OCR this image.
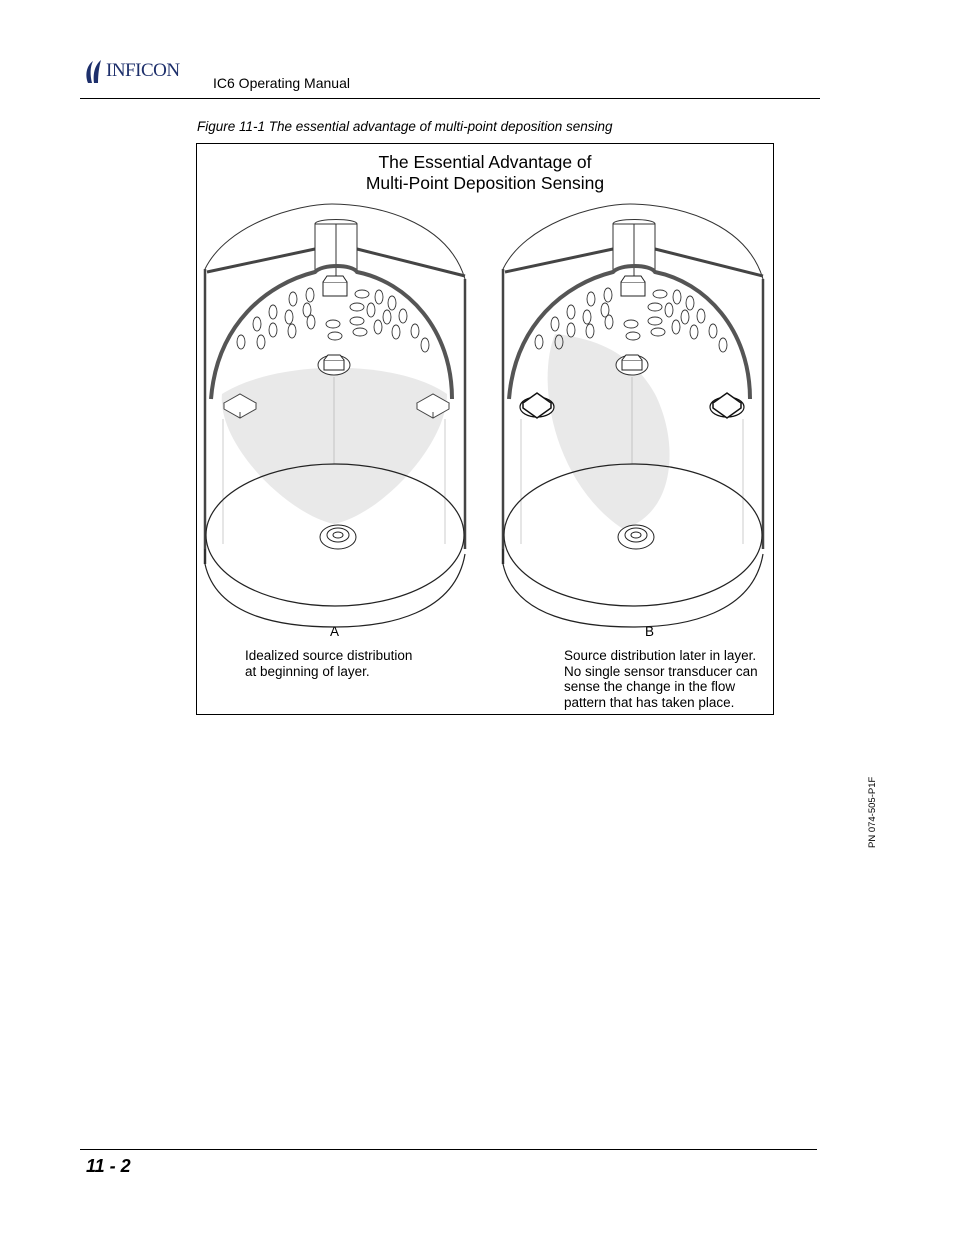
INFICON
IC6 Operating Manual
Figure 11-1 The essential advantage of multi-point deposition sensing
The Essential Advantage of
Multi-Point Deposition Sensing
A
Idealized source distribution
at beginning of layer.
B
Source distribution later in layer.
No single sensor transducer can
sense the change in the flow
pattern that has taken place.
PN 074-505-P1F
11 - 2
